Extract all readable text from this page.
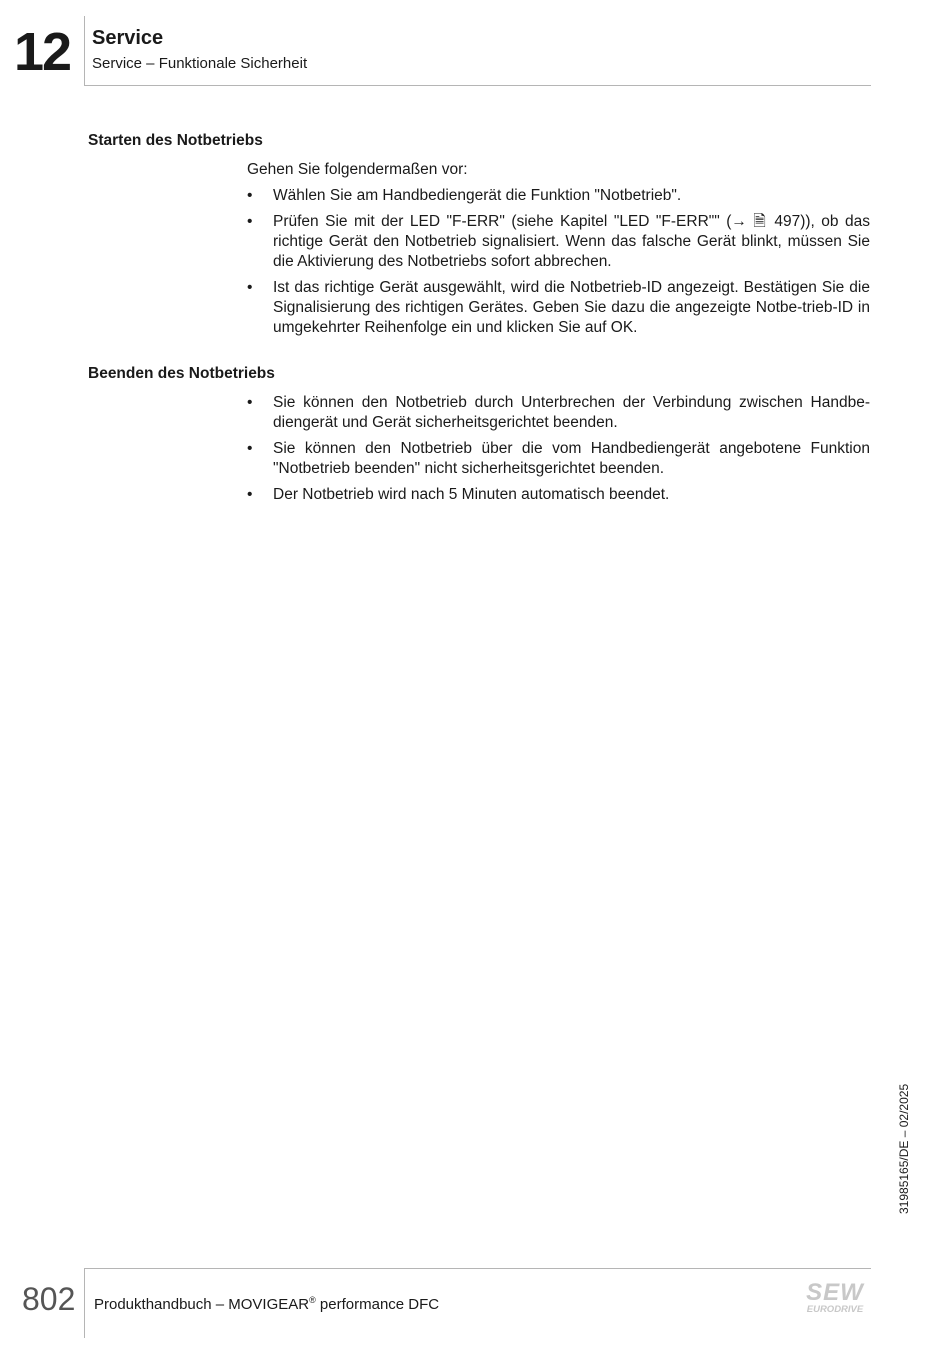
12 Service
Service – Funktionale Sicherheit
Starten des Notbetriebs
Gehen Sie folgendermaßen vor:
• Wählen Sie am Handbediengerät die Funktion "Notbetrieb".
• Prüfen Sie mit der LED "F-ERR" (siehe Kapitel "LED "F-ERR"" (→ 🗎 497)), ob das richtige Gerät den Notbetrieb signalisiert. Wenn das falsche Gerät blinkt, müssen Sie die Aktivierung des Notbetriebs sofort abbrechen.
• Ist das richtige Gerät ausgewählt, wird die Notbetrieb-ID angezeigt. Bestätigen Sie die Signalisierung des richtigen Gerätes. Geben Sie dazu die angezeigte Notbe-trieb-ID in umgekehrter Reihenfolge ein und klicken Sie auf OK.
Beenden des Notbetriebs
• Sie können den Notbetrieb durch Unterbrechen der Verbindung zwischen Handbe-diengerät und Gerät sicherheitsgerichtet beenden.
• Sie können den Notbetrieb über die vom Handbediengerät angebotene Funktion "Notbetrieb beenden" nicht sicherheitsgerichtet beenden.
• Der Notbetrieb wird nach 5 Minuten automatisch beendet.
31985165/DE – 02/2025
802 Produkthandbuch – MOVIGEAR® performance DFC	SEW
EURODRIVE
